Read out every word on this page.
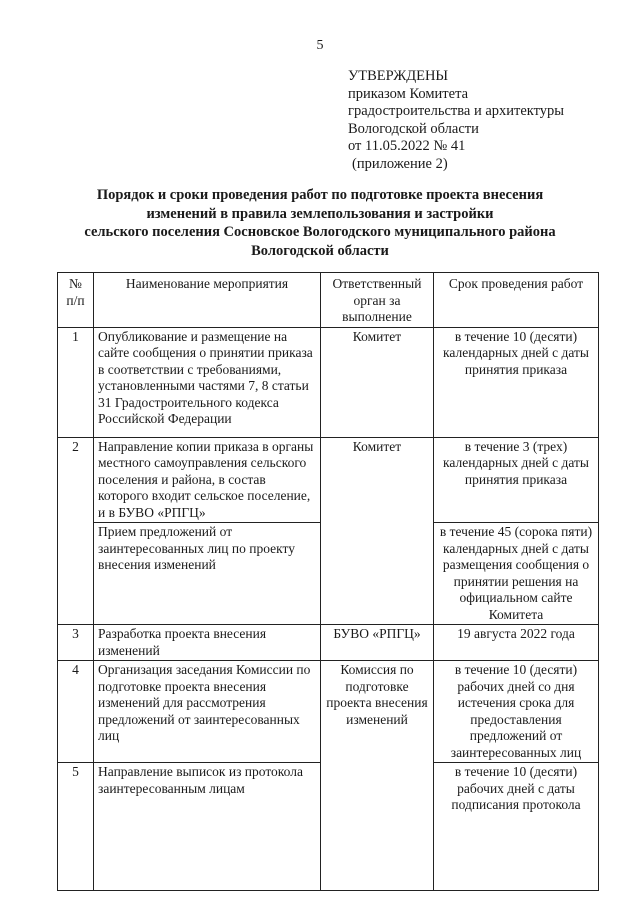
5
УТВЕРЖДЕНЫ
приказом Комитета
градостроительства и архитектуры
Вологодской области
от 11.05.2022 № 41
(приложение 2)
Порядок и сроки проведения работ по подготовке проекта внесения
изменений в правила землепользования и застройки
сельского поселения Сосновское Вологодского муниципального района
Вологодской области
№ п/п	Наименование мероприятия	Ответственный орган за выполнение	Срок проведения работ
1	Опубликование и размещение на сайте сообщения о принятии приказа в соответствии с требованиями, установленными частями 7, 8 статьи 31 Градостроительного кодекса Российской Федерации	Комитет	в течение 10 (десяти) календарных дней с даты принятия приказа
2	Направление копии приказа в органы местного самоуправления сельского поселения и района, в состав которого входит сельское поселение, и в БУВО «РПГЦ»	Комитет	в течение 3 (трех) календарных дней с даты принятия приказа
	Прием предложений от заинтересованных лиц по проекту внесения изменений		в течение 45 (сорока пяти) календарных дней с даты размещения сообщения о принятии решения на официальном сайте Комитета
3	Разработка проекта внесения изменений	БУВО «РПГЦ»	19 августа 2022 года
4	Организация заседания Комиссии по подготовке проекта внесения изменений для рассмотрения предложений от заинтересованных лиц	Комиссия по подготовке проекта внесения изменений	в течение 10 (десяти) рабочих дней со дня истечения срока для предоставления предложений от заинтересованных лиц
5	Направление выписок из протокола заинтересованным лицам		в течение 10 (десяти) рабочих дней с даты подписания протокола
